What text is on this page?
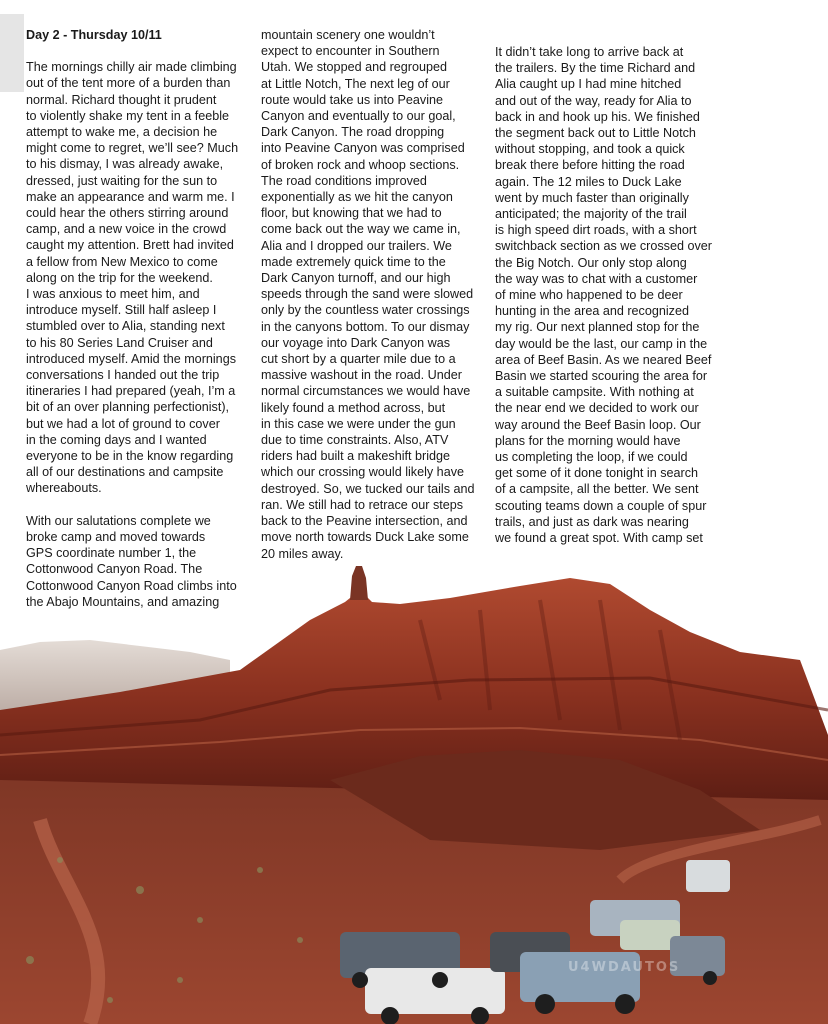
Day 2 - Thursday 10/11

The mornings chilly air made climbing
out of the tent more of a burden than
normal. Richard thought it prudent
to violently shake my tent in a feeble
attempt to wake me, a decision he
might come to regret, we’ll see? Much
to his dismay, I was already awake,
dressed, just waiting for the sun to
make an appearance and warm me. I
could hear the others stirring around
camp, and a new voice in the crowd
caught my attention. Brett had invited
a fellow from New Mexico to come
along on the trip for the weekend.
I was anxious to meet him, and
introduce myself. Still half asleep I
stumbled over to Alia, standing next
to his 80 Series Land Cruiser and
introduced myself. Amid the mornings
conversations I handed out the trip
itineraries I had prepared (yeah, I’m a
bit of an over planning perfectionist),
but we had a lot of ground to cover
in the coming days and I wanted
everyone to be in the know regarding
all of our destinations and campsite
whereabouts.

With our salutations complete we
broke camp and moved towards
GPS coordinate number 1, the
Cottonwood Canyon Road. The
Cottonwood Canyon Road climbs into
the Abajo Mountains, and amazing

mountain scenery one wouldn’t
expect to encounter in Southern
Utah. We stopped and regrouped
at Little Notch, The next leg of our
route would take us into Peavine
Canyon and eventually to our goal,
Dark Canyon. The road dropping
into Peavine Canyon was comprised
of broken rock and whoop sections.
The road conditions improved
exponentially as we hit the canyon
floor, but knowing that we had to
come back out the way we came in,
Alia and I dropped our trailers. We
made extremely quick time to the
Dark Canyon turnoff, and our high
speeds through the sand were slowed
only by the countless water crossings
in the canyons bottom. To our dismay
our voyage into Dark Canyon was
cut short by a quarter mile due to a
massive washout in the road. Under
normal circumstances we would have
likely found a method across, but
in this case we were under the gun
due to time constraints. Also, ATV
riders had built a makeshift bridge
which our crossing would likely have
destroyed. So, we tucked our tails and
ran. We still had to retrace our steps
back to the Peavine intersection, and
move north towards Duck Lake some
20 miles away.

It didn’t take long to arrive back at
the trailers. By the time Richard and
Alia caught up I had mine hitched
and out of the way, ready for Alia to
back in and hook up his. We finished
the segment back out to Little Notch
without stopping, and took a quick
break there before hitting the road
again. The 12 miles to Duck Lake
went by much faster than originally
anticipated; the majority of the trail
is high speed dirt roads, with a short
switchback section as we crossed over
the Big Notch. Our only stop along
the way was to chat with a customer
of mine who happened to be deer
hunting in the area and recognized
my rig. Our next planned stop for the
day would be the last, our camp in the
area of Beef Basin. As we neared Beef
Basin we started scouring the area for
a suitable campsite. With nothing at
the near end we decided to work our
way around the Beef Basin loop. Our
plans for the morning would have
us completing the loop, if we could
get some of it done tonight in search
of a campsite, all the better. We sent
scouting teams down a couple of spur
trails, and just as dark was nearing
we found a great spot. With camp set

U4WDAUTOS
